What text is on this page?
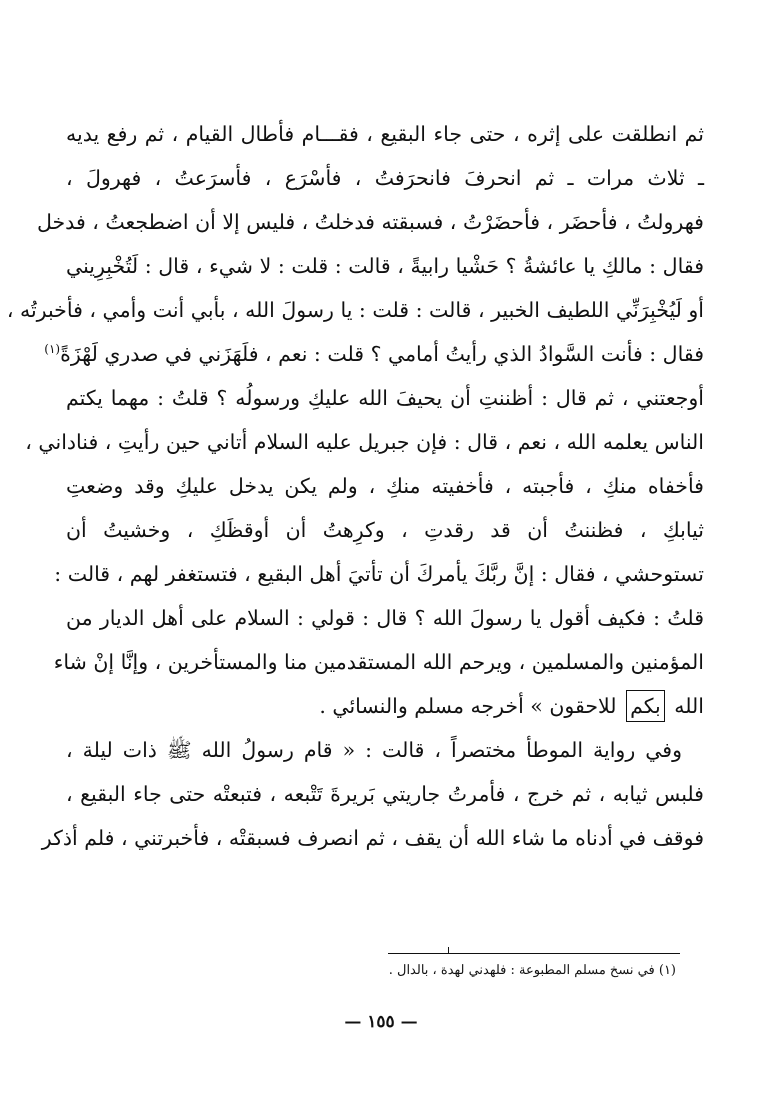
ثم انطلقت على إثره ، حتى جاء البقيع ، فقـــام فأطال القيام ، ثم رفع يديه
ـ ثلاث مرات ـ ثم انحرفَ فانحرَفتُ ، فأسْرَع ، فأسرَعتُ ، فهرولَ ،
فهرولتُ ، فأحضَر ، فأحضَرْتُ ، فسبقته فدخلتُ ، فليس إلا أن اضطجعتُ ، فدخل
فقال : مالكِ يا عائشةُ ؟ حَشْيا رابيةً ، قالت : قلت : لا شيء ، قال : لَتُخْبِرِيني
أو لَيُخْبِرَنِّي اللطيف الخبير ، قالت : قلت : يا رسولَ الله ، بأبي أنت وأمي ، فأخبرتُه ،
فقال : فأنت السَّوادُ الذي رأيتُ أمامي ؟ قلت : نعم ، فلَهَزَني في صدري لَهْزَةً$^{(١)}$
أوجعتني ، ثم قال : أظننتِ أن يحيفَ الله عليكِ ورسولُه ؟ قلتُ : مهما يكتم
الناس يعلمه الله ، نعم ، قال : فإن جبريل عليه السلام أتاني حين رأيتِ ، فناداني ،
فأخفاه منكِ ، فأجبته ، فأخفيته منكِ ، ولم يكن يدخل عليكِ وقد وضعتِ
ثيابكِ ، فظننتُ أن قد رقدتِ ، وكرِهتُ أن أوقظَكِ ، وخشيتُ أن
تستوحشي ، فقال : إنَّ ربَّكَ يأمركَ أن تأتيَ أهل البقيع ، فتستغفر لهم ، قالت :
قلتُ : فكيف أقول يا رسولَ الله ؟ قال : قولي : السلام على أهل الديار من
المؤمنين والمسلمين ، ويرحم الله المستقدمين منا والمستأخرين ، وإنَّا إنْ شاء
الله بكم للاحقون » أخرجه مسلم والنسائي .
وفي رواية الموطأ مختصراً ، قالت : « قام رسولُ الله ﷺ ذات ليلة ،
فلبس ثيابه ، ثم خرج ، فأمرتُ جاريتي بَريرةَ تَتْبعه ، فتبعتْه حتى جاء البقيع ،
فوقف في أدناه ما شاء الله أن يقف ، ثم انصرف فسبقتْه ، فأخبرتني ، فلم أذكر
(١) في نسخ مسلم المطبوعة : فلهدني لهدة ، بالدال .
— ١٥٥ —
